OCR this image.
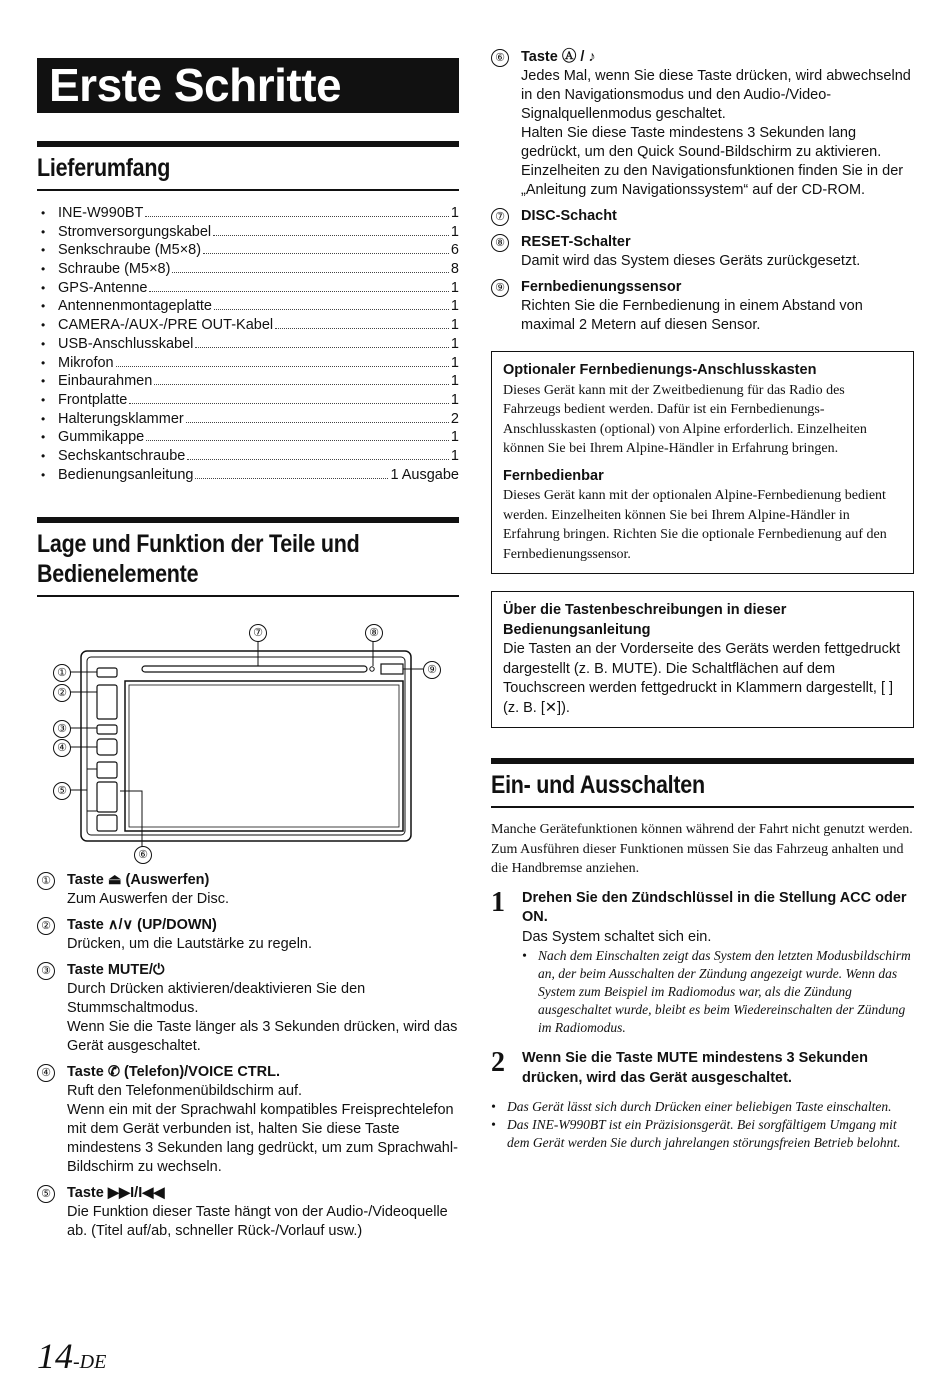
Erste Schritte
Lieferumfang
• INE-W990BT	1
• Stromversorgungskabel	1
• Senkschraube (M5×8)	6
• Schraube (M5×8)	8
• GPS-Antenne	1
• Antennenmontageplatte	1
• CAMERA-/AUX-/PRE OUT-Kabel	1
• USB-Anschlusskabel	1
• Mikrofon	1
• Einbaurahmen	1
• Frontplatte	1
• Halterungsklammer	2
• Gummikappe	1
• Sechskantschraube	1
• Bedienungsanleitung	1 Ausgabe
Lage und Funktion der Teile und
Bedienelemente
①
②
③
④
⑤
⑥
⑦	⑧
⑨
①	Taste ⏏ (Auswerfen)
Zum Auswerfen der Disc.
②	Taste ∧/∨ (UP/DOWN)
Drücken, um die Lautstärke zu regeln.
③	Taste MUTE/⏻
Durch Drücken aktivieren/deaktivieren Sie den Stummschaltmodus.
Wenn Sie die Taste länger als 3 Sekunden drücken, wird das Gerät ausgeschaltet.
④	Taste ✆ (Telefon)/VOICE CTRL.
Ruft den Telefonmenübildschirm auf.
Wenn ein mit der Sprachwahl kompatibles Freisprechtelefon mit dem Gerät verbunden ist, halten Sie diese Taste mindestens 3 Sekunden lang gedrückt, um zum Sprachwahl-Bildschirm zu wechseln.
⑤	Taste ▶▶I/I◀◀
Die Funktion dieser Taste hängt von der Audio-/Videoquelle ab. (Titel auf/ab, schneller Rück-/Vorlauf usw.)
⑥	Taste Ⓐ / ♪
Jedes Mal, wenn Sie diese Taste drücken, wird abwechselnd in den Navigationsmodus und den Audio-/Video-Signalquellenmodus geschaltet.
Halten Sie diese Taste mindestens 3 Sekunden lang gedrückt, um den Quick Sound-Bildschirm zu aktivieren. Einzelheiten zu den Navigationsfunktionen finden Sie in der „Anleitung zum Navigationssystem“ auf der CD-ROM.
⑦	DISC-Schacht
⑧	RESET-Schalter
Damit wird das System dieses Geräts zurückgesetzt.
⑨	Fernbedienungssensor
Richten Sie die Fernbedienung in einem Abstand von maximal 2 Metern auf diesen Sensor.
Optionaler Fernbedienungs-Anschlusskasten
Dieses Gerät kann mit der Zweitbedienung für das Radio des Fahrzeugs bedient werden. Dafür ist ein Fernbedienungs-Anschlusskasten (optional) von Alpine erforderlich. Einzelheiten können Sie bei Ihrem Alpine-Händler in Erfahrung bringen.
Fernbedienbar
Dieses Gerät kann mit der optionalen Alpine-Fernbedienung bedient werden. Einzelheiten können Sie bei Ihrem Alpine-Händler in Erfahrung bringen. Richten Sie die optionale Fernbedienung auf den Fernbedienungssensor.
Über die Tastenbeschreibungen in dieser Bedienungsanleitung
Die Tasten an der Vorderseite des Geräts werden fettgedruckt dargestellt (z. B. MUTE). Die Schaltflächen auf dem Touchscreen werden fettgedruckt in Klammern dargestellt, [ ] (z. B. [✕]).
Ein- und Ausschalten
Manche Gerätefunktionen können während der Fahrt nicht genutzt werden. Zum Ausführen dieser Funktionen müssen Sie das Fahrzeug anhalten und die Handbremse anziehen.
1	Drehen Sie den Zündschlüssel in die Stellung ACC oder ON.
Das System schaltet sich ein.
• Nach dem Einschalten zeigt das System den letzten Modusbildschirm an, der beim Ausschalten der Zündung angezeigt wurde. Wenn das System zum Beispiel im Radiomodus war, als die Zündung ausgeschaltet wurde, bleibt es beim Wiedereinschalten der Zündung im Radiomodus.
2	Wenn Sie die Taste MUTE mindestens 3 Sekunden drücken, wird das Gerät ausgeschaltet.
• Das Gerät lässt sich durch Drücken einer beliebigen Taste einschalten.
• Das INE-W990BT ist ein Präzisionsgerät. Bei sorgfältigem Umgang mit dem Gerät werden Sie durch jahrelangen störungsfreien Betrieb belohnt.
14-DE
